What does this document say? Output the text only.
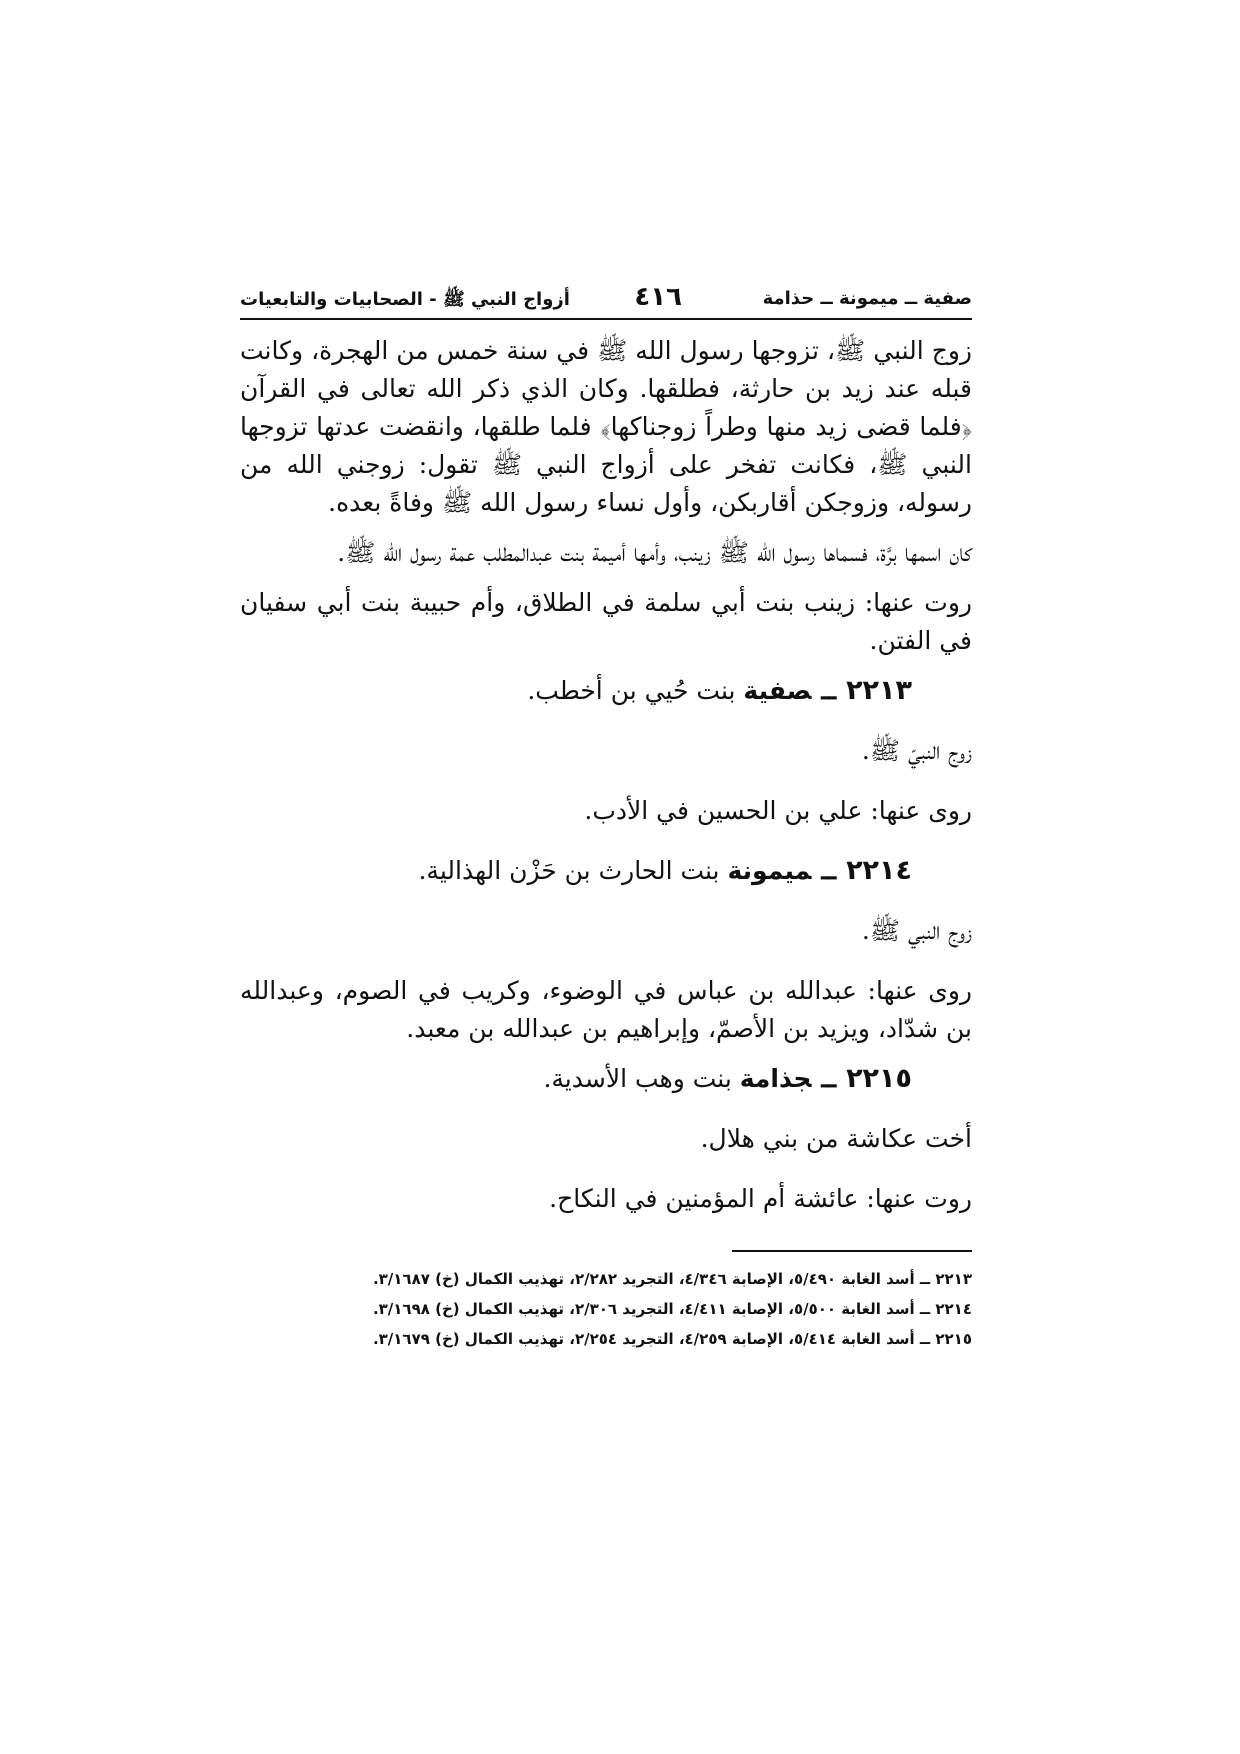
صفية ــ ميمونة ــ حذامة
٤١٦
أزواج النبي ﷺ - الصحابيات والتابعيات

زوج النبي ﷺ، تزوجها رسول الله ﷺ في سنة خمس من الهجرة، وكانت قبله عند زيد بن حارثة، فطلقها. وكان الذي ذكر الله تعالى في القرآن ﴿فلما قضى زيد منها وطراً زوجناكها﴾ فلما طلقها، وانقضت عدتها تزوجها النبي ﷺ، فكانت تفخر على أزواج النبي ﷺ تقول: زوجني الله من رسوله، وزوجكن أقاربكن، وأول نساء رسول الله ﷺ وفاةً بعده.

كان اسمها برَّة، فسماها رسول الله ﷺ زينب، وأمها أميمة بنت عبدالمطلب عمة رسول الله ﷺ.

روت عنها: زينب بنت أبي سلمة في الطلاق، وأم حبيبة بنت أبي سفيان في الفتن.

٢٢١٣ــصفية بنت حُيي بن أخطب.
زوج النبيّ ﷺ.
روى عنها: علي بن الحسين في الأدب.
٢٢١٤ــميمونة بنت الحارث بن حَزْن الهذالية.
زوج النبي ﷺ.
روى عنها: عبدالله بن عباس في الوضوء، وكريب في الصوم، وعبدالله بن شدّاد، ويزيد بن الأصمّ، وإبراهيم بن عبدالله بن معبد.
٢٢١٥ــجذامة بنت وهب الأسدية.
أخت عكاشة من بني هلال.
روت عنها: عائشة أم المؤمنين في النكاح.
٢٢١٣ ــ أسد الغابة ٥/٤٩٠، الإصابة ٤/٣٤٦، التجريد ٢/٢٨٢، تهذيب الكمال (خ) ٣/١٦٨٧.
٢٢١٤ ــ أسد الغابة ٥/٥٠٠، الإصابة ٤/٤١١، التجريد ٢/٣٠٦، تهذيب الكمال (خ) ٣/١٦٩٨.
٢٢١٥ ــ أسد الغابة ٥/٤١٤، الإصابة ٤/٢٥٩، التجريد ٢/٢٥٤، تهذيب الكمال (خ) ٣/١٦٧٩.
